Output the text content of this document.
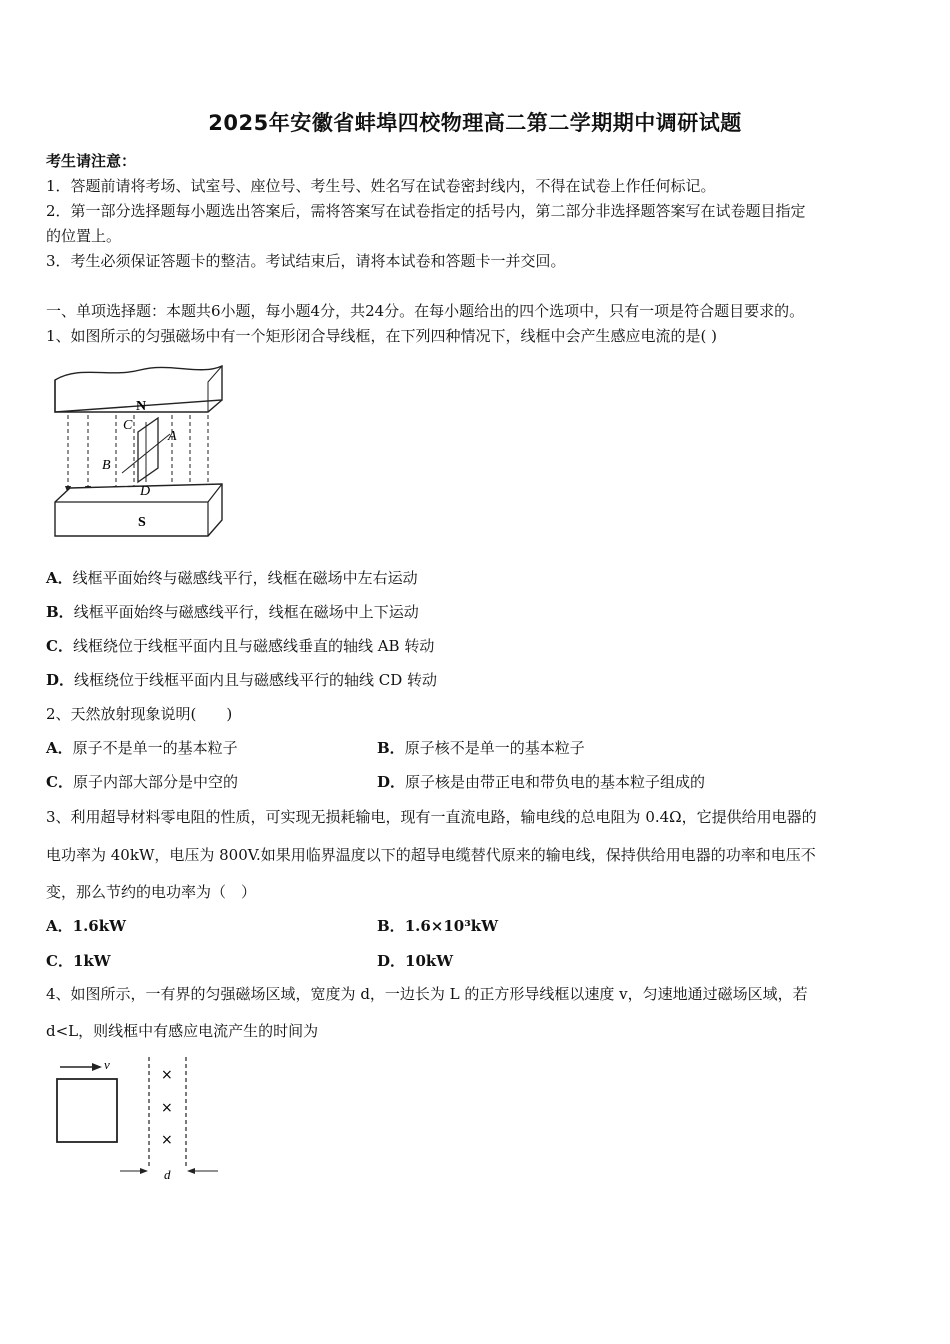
2025年安徽省蚌埠四校物理高二第二学期期中调研试题
考生请注意：
1．答题前请将考场、试室号、座位号、考生号、姓名写在试卷密封线内，不得在试卷上作任何标记。
2．第一部分选择题每小题选出答案后，需将答案写在试卷指定的括号内，第二部分非选择题答案写在试卷题目指定
的位置上。
3．考生必须保证答题卡的整洁。考试结束后，请将本试卷和答题卡一并交回。
一、单项选择题：本题共6小题，每小题4分，共24分。在每小题给出的四个选项中，只有一项是符合题目要求的。
1、如图所示的匀强磁场中有一个矩形闭合导线框，在下列四种情况下，线框中会产生感应电流的是( )
N
S
C
A
B
D
A．线框平面始终与磁感线平行，线框在磁场中左右运动
B．线框平面始终与磁感线平行，线框在磁场中上下运动
C．线框绕位于线框平面内且与磁感线垂直的轴线 AB 转动
D．线框绕位于线框平面内且与磁感线平行的轴线 CD 转动
2、天然放射现象说明(　　)
A．原子不是单一的基本粒子	B．原子核不是单一的基本粒子
C．原子内部大部分是中空的	D．原子核是由带正电和带负电的基本粒子组成的
3、利用超导材料零电阻的性质，可实现无损耗输电，现有一直流电路，输电线的总电阻为 0.4Ω，它提供给用电器的
电功率为 40kW，电压为 800V.如果用临界温度以下的超导电缆替代原来的输电线，保持供给用电器的功率和电压不
变，那么节约的电功率为（　）
A．1.6kW	B．1.6×10³kW
C．1kW	D．10kW
4、如图所示，一有界的匀强磁场区域，宽度为 d，一边长为 L 的正方形导线框以速度 v，匀速地通过磁场区域，若
d<L，则线框中有感应电流产生的时间为
v
×
×
×
d
